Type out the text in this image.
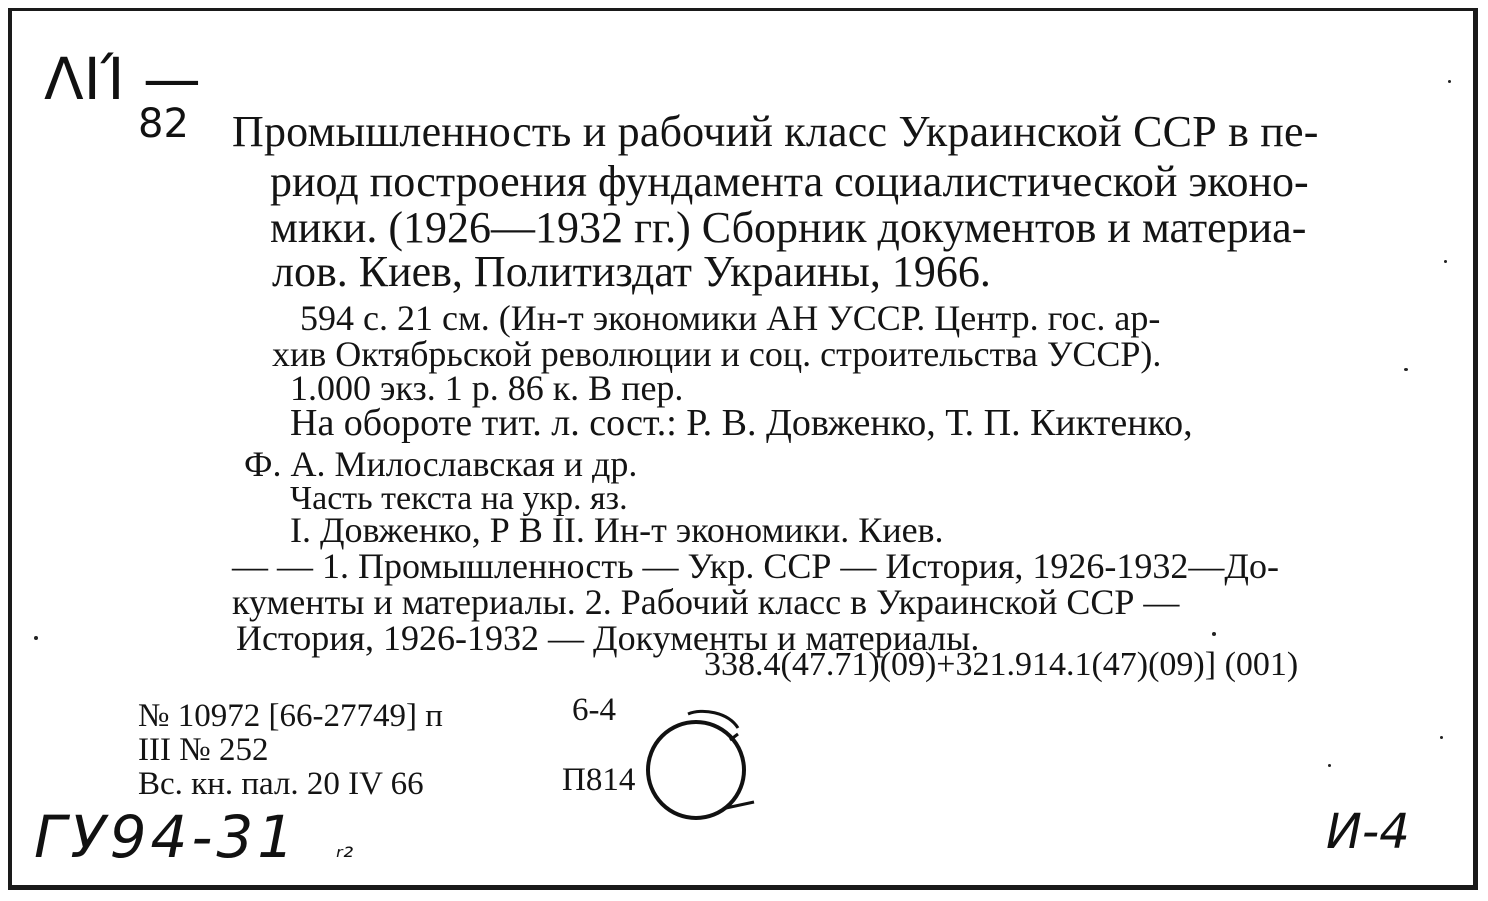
ΛΙΊ —
82 Промышленность и рабочий класс Украинской ССР в пе-
риод построения фундамента социалистической эконо-
мики. (1926—1932 гг.) Сборник документов и материа-
лов. Киев, Политиздат Украины, 1966.
594 с. 21 см. (Ин-т экономики АН УССР. Центр. гос. ар-
хив Октябрьской революции и соц. строительства УССР).
1.000 экз. 1 р. 86 к. В пер.
На обороте тит. л. сост.: Р. В. Довженко, Т. П. Киктенко,
Ф. А. Милославская и др.
Часть текста на укр. яз.
I. Довженко, Р В II. Ин-т экономики. Киев.
— — 1. Промышленность — Укр. ССР — История, 1926-1932—До-
кументы и материалы. 2. Рабочий класс в Украинской ССР —
История, 1926-1932 — Документы и материалы.
338.4(47.71)(09)+321.914.1(47)(09)] (001)
№ 10972 [66-27749] п
III № 252
Вс. кн. пал. 20 IV 66
6-4
П814
ГУ94-31 ᵣ₂	И-4
